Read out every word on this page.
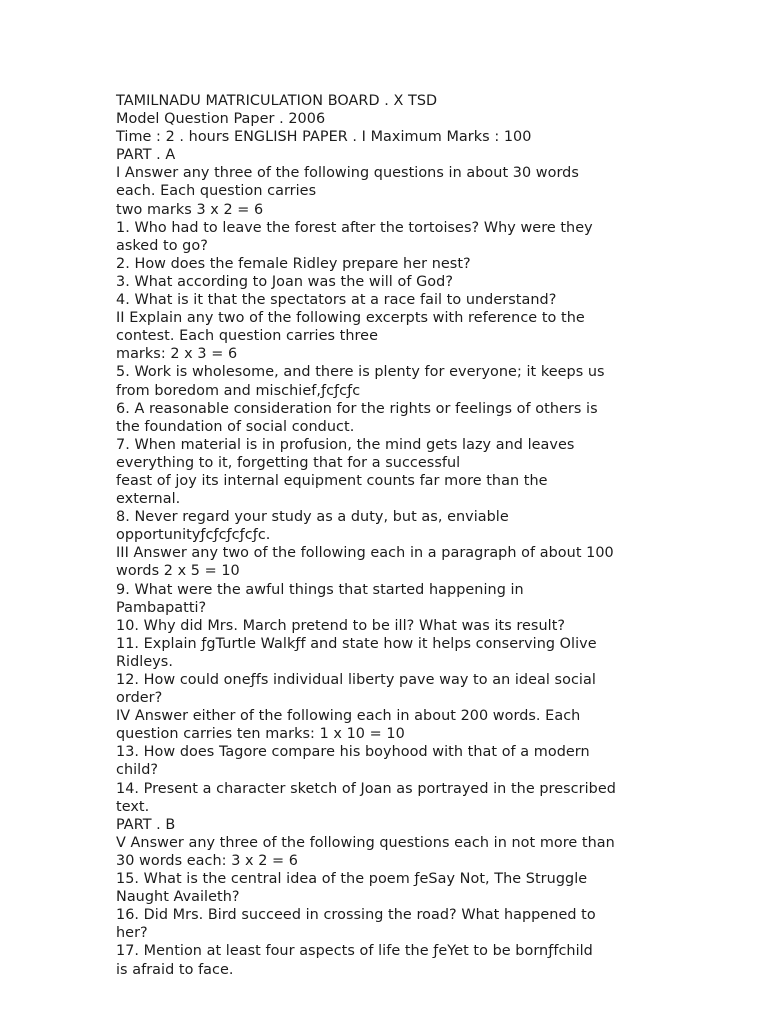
TAMILNADU MATRICULATION BOARD . X TSD
Model Question Paper . 2006
Time : 2 . hours ENGLISH PAPER . I Maximum Marks : 100
PART . A
I Answer any three of the following questions in about 30 words
each. Each question carries
two marks 3 x 2 = 6
1. Who had to leave the forest after the tortoises? Why were they
asked to go?
2. How does the female Ridley prepare her nest?
3. What according to Joan was the will of God?
4. What is it that the spectators at a race fail to understand?
II Explain any two of the following excerpts with reference to the
contest. Each question carries three
marks: 2 x 3 = 6
5. Work is wholesome, and there is plenty for everyone; it keeps us
from boredom and mischief,ƒcƒcƒc
6. A reasonable consideration for the rights or feelings of others is
the foundation of social conduct.
7. When material is in profusion, the mind gets lazy and leaves
everything to it, forgetting that for a successful
feast of joy its internal equipment counts far more than the
external.
8. Never regard your study as a duty, but as, enviable
opportunityƒcƒcƒcƒcƒc.
III Answer any two of the following each in a paragraph of about 100
words 2 x 5 = 10
9. What were the awful things that started happening in
Pambapatti?
10. Why did Mrs. March pretend to be ill? What was its result?
11. Explain ƒgTurtle Walkƒf and state how it helps conserving Olive
Ridleys.
12. How could oneƒfs individual liberty pave way to an ideal social
order?
IV Answer either of the following each in about 200 words. Each
question carries ten marks: 1 x 10 = 10
13. How does Tagore compare his boyhood with that of a modern
child?
14. Present a character sketch of Joan as portrayed in the prescribed
text.
PART . B
V Answer any three of the following questions each in not more than
30 words each: 3 x 2 = 6
15. What is the central idea of the poem ƒeSay Not, The Struggle
Naught Availeth?
16. Did Mrs. Bird succeed in crossing the road? What happened to
her?
17. Mention at least four aspects of life the ƒeYet to be bornƒfchild
is afraid to face.
